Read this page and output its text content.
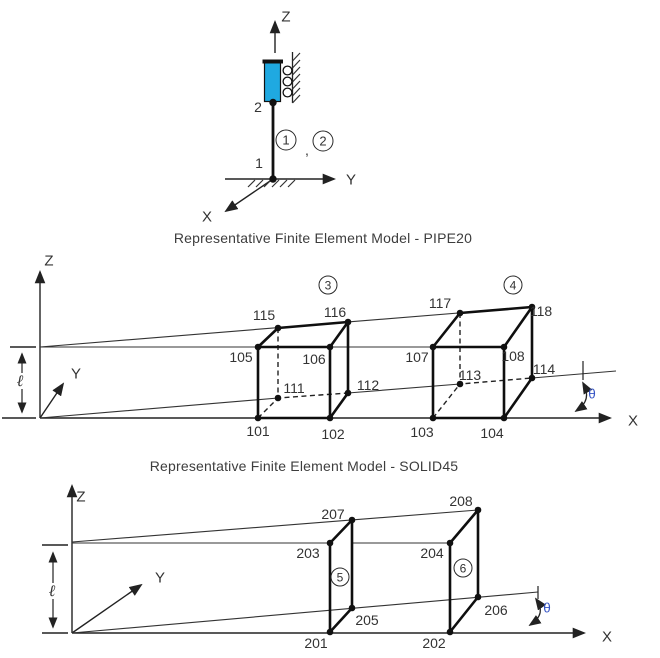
Z
Y
X
2
1
1
,
2
Representative Finite Element Model - PIPE20
Z
Y
X
ℓ
θ
3	4
101	102	103	104
105	106	107	108
111	112
113	114
115	116
117	118
Representative Finite Element Model - SOLID45
Z
Y
X
ℓ
θ
5
6
201	202
203	204
205
206
207
208
